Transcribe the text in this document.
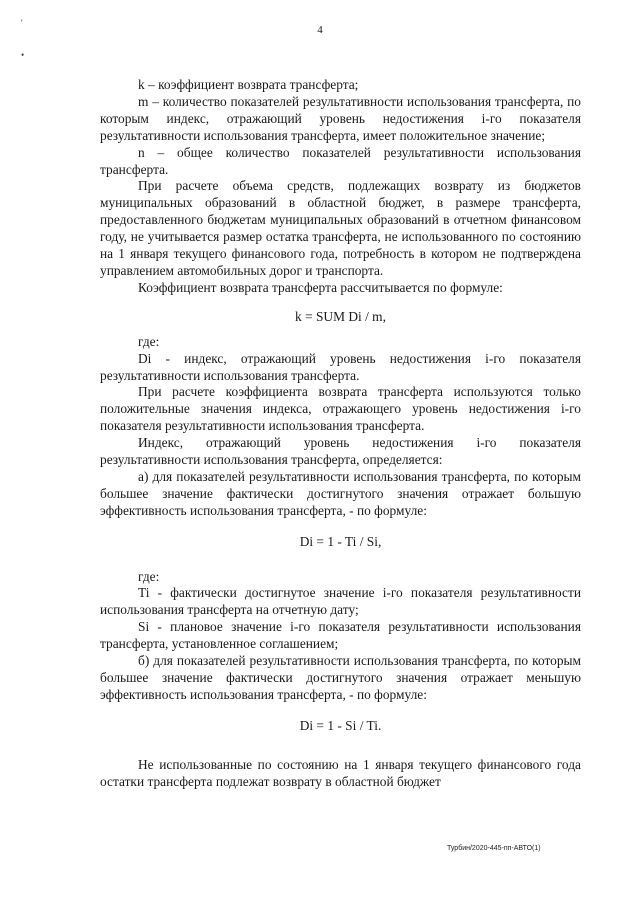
4
'
•

k – коэффициент возврата трансферта;

m – количество показателей результативности использования трансферта, по которым индекс, отражающий уровень недостижения i-го показателя результативности использования трансферта, имеет положительное значение;

n – общее количество показателей результативности использования трансферта.

При расчете объема средств, подлежащих возврату из бюджетов муниципальных образований в областной бюджет, в размере трансферта, предоставленного бюджетам муниципальных образований в отчетном финансовом году, не учитывается размер остатка трансферта, не использованного по состоянию на 1 января текущего финансового года, потребность в котором не подтверждена управлением автомобильных дорог и транспорта.

Коэффициент возврата трансферта рассчитывается по формуле:

k = SUM Di / m,

где:

Di - индекс, отражающий уровень недостижения i-го показателя результативности использования трансферта.

При расчете коэффициента возврата трансферта используются только положительные значения индекса, отражающего уровень недостижения i-го показателя результативности использования трансферта.

Индекс, отражающий уровень недостижения i-го показателя результативности использования трансферта, определяется:

а) для показателей результативности использования трансферта, по которым большее значение фактически достигнутого значения отражает большую эффективность использования трансферта, - по формуле:

Di = 1 - Ti / Si,

где:

Ti - фактически достигнутое значение i-го показателя результативности использования трансферта на отчетную дату;

Si - плановое значение i-го показателя результативности использования трансферта, установленное соглашением;

б) для показателей результативности использования трансферта, по которым большее значение фактически достигнутого значения отражает меньшую эффективность использования трансферта, - по формуле:

Di = 1 - Si / Ti.

Не использованные по состоянию на 1 января текущего финансового года остатки трансферта подлежат возврату в областной бюджет

Турбин/2020-445-пп-АВТО(1)
